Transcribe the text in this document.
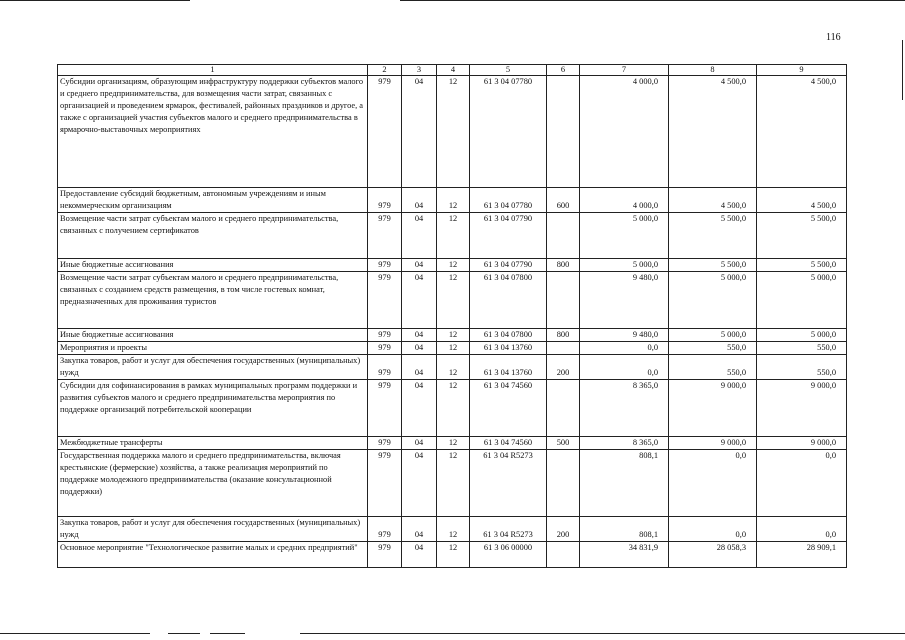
116
1	2	3	4	5	6	7	8	9
Субсидии организациям, образующим инфраструктуру поддержки субъектов малого и среднего предпринимательства, для возмещения части затрат, связанных с организацией и проведением ярмарок, фестивалей, районных праздников и другое, а также с организацией участия субъектов малого и среднего предпринимательства в ярмарочно-выставочных мероприятиях	979	04	12	61 3 04 07780		4 000,0	4 500,0	4 500,0
Предоставление субсидий бюджетным, автономным учреждениям и иным некоммерческим организациям	979	04	12	61 3 04 07780	600	4 000,0	4 500,0	4 500,0
Возмещение части затрат субъектам малого и среднего предпринимательства, связанных с получением сертификатов	979	04	12	61 3 04 07790		5 000,0	5 500,0	5 500,0
Иные бюджетные ассигнования	979	04	12	61 3 04 07790	800	5 000,0	5 500,0	5 500,0
Возмещение части затрат субъектам малого и среднего предпринимательства, связанных с созданием средств размещения, в том числе гостевых комнат, предназначенных для проживания туристов	979	04	12	61 3 04 07800		9 480,0	5 000,0	5 000,0
Иные бюджетные ассигнования	979	04	12	61 3 04 07800	800	9 480,0	5 000,0	5 000,0
Мероприятия и проекты	979	04	12	61 3 04 13760		0,0	550,0	550,0
Закупка товаров, работ и услуг для обеспечения государственных (муниципальных) нужд	979	04	12	61 3 04 13760	200	0,0	550,0	550,0
Субсидии для софинансирования в рамках муниципальных программ поддержки и развития субъектов малого и среднего предпринимательства мероприятия по поддержке организаций потребительской кооперации	979	04	12	61 3 04 74560		8 365,0	9 000,0	9 000,0
Межбюджетные трансферты	979	04	12	61 3 04 74560	500	8 365,0	9 000,0	9 000,0
Государственная поддержка малого и среднего предпринимательства, включая крестьянские (фермерские) хозяйства, а также реализация мероприятий по поддержке молодежного предпринимательства (оказание консультационной поддержки)	979	04	12	61 3 04 R5273		808,1	0,0	0,0
Закупка товаров, работ и услуг для обеспечения государственных (муниципальных) нужд	979	04	12	61 3 04 R5273	200	808,1	0,0	0,0
Основное мероприятие "Технологическое развитие малых и средних предприятий"	979	04	12	61 3 06 00000		34 831,9	28 058,3	28 909,1
